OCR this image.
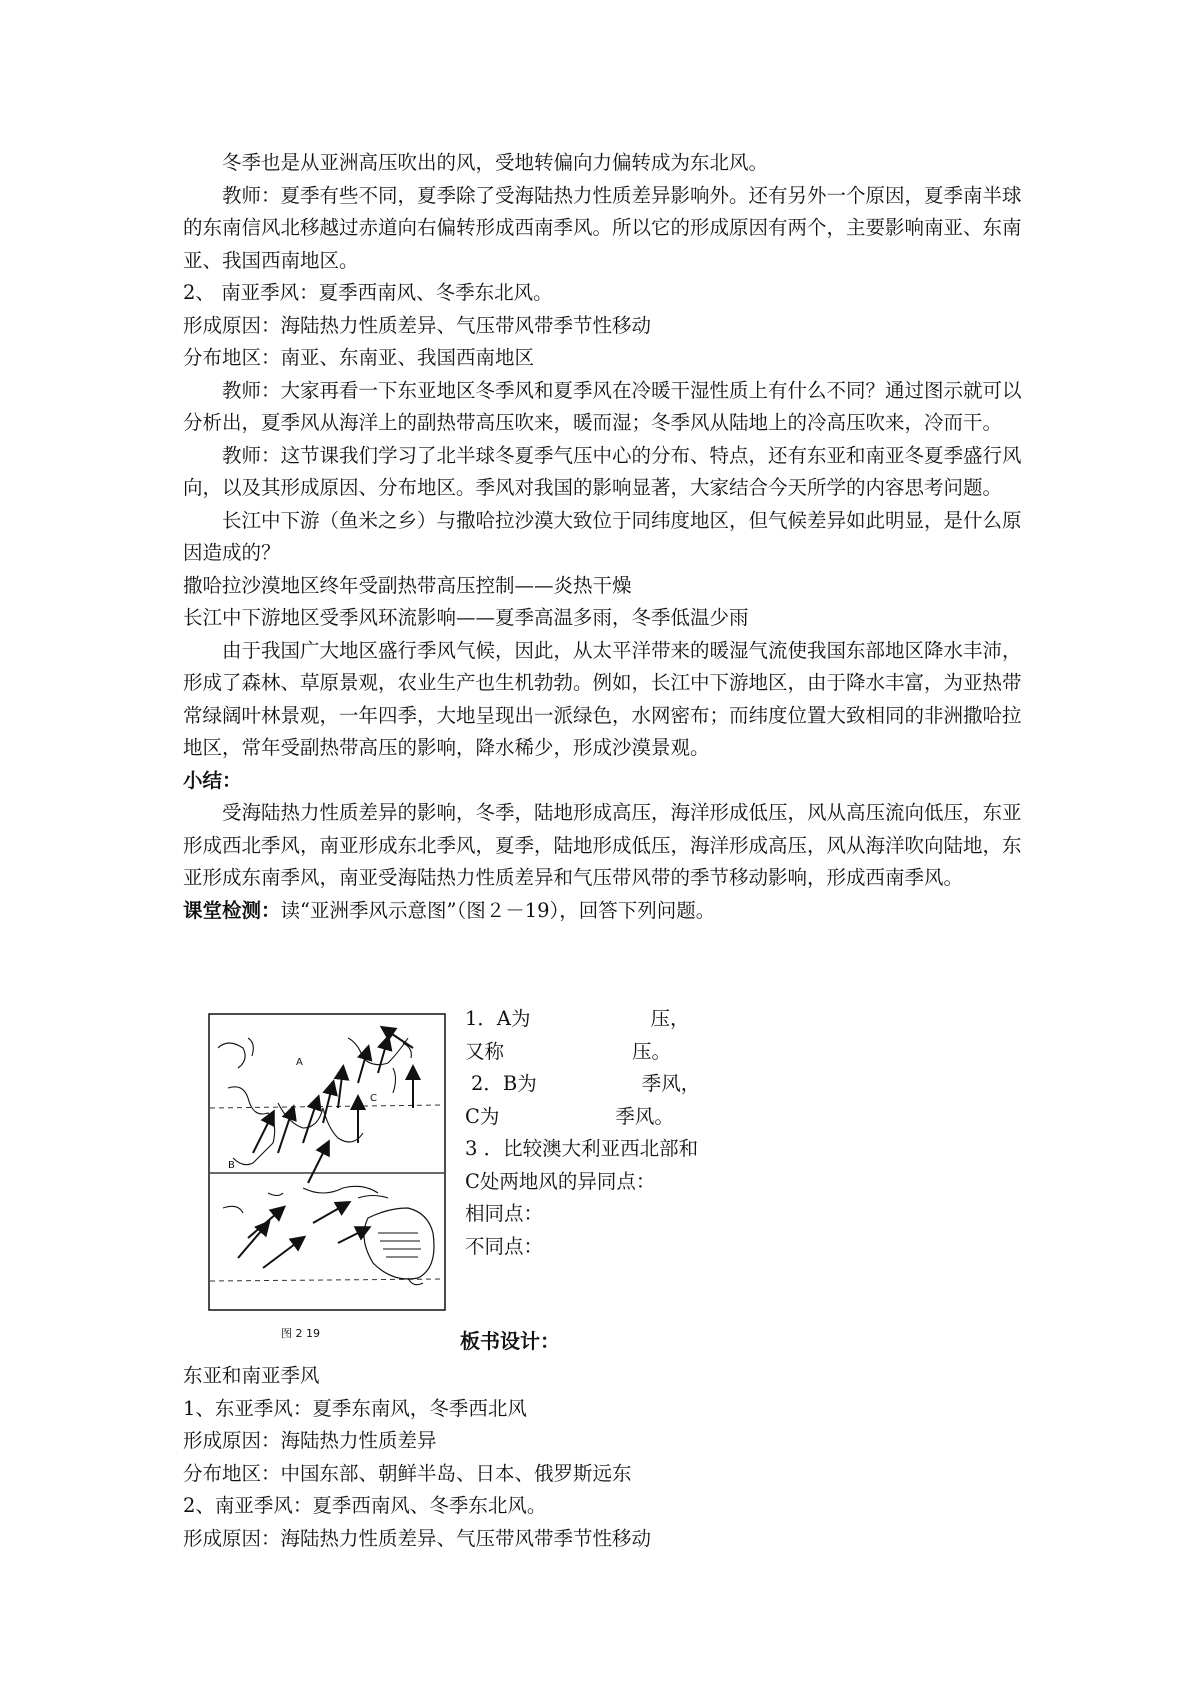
冬季也是从亚洲高压吹出的风，受地转偏向力偏转成为东北风。

教师：夏季有些不同，夏季除了受海陆热力性质差异影响外。还有另外一个原因，夏季南半球的东南信风北移越过赤道向右偏转形成西南季风。所以它的形成原因有两个，主要影响南亚、东南亚、我国西南地区。

2、 南亚季风：夏季西南风、冬季东北风。

形成原因：海陆热力性质差异、气压带风带季节性移动

分布地区：南亚、东南亚、我国西南地区

教师：大家再看一下东亚地区冬季风和夏季风在冷暖干湿性质上有什么不同？通过图示就可以分析出，夏季风从海洋上的副热带高压吹来，暖而湿；冬季风从陆地上的冷高压吹来，冷而干。

教师：这节课我们学习了北半球冬夏季气压中心的分布、特点，还有东亚和南亚冬夏季盛行风向，以及其形成原因、分布地区。季风对我国的影响显著，大家结合今天所学的内容思考问题。

长江中下游（鱼米之乡）与撒哈拉沙漠大致位于同纬度地区，但气候差异如此明显，是什么原因造成的？

撒哈拉沙漠地区终年受副热带高压控制——炎热干燥

长江中下游地区受季风环流影响——夏季高温多雨，冬季低温少雨

由于我国广大地区盛行季风气候，因此，从太平洋带来的暖湿气流使我国东部地区降水丰沛，形成了森林、草原景观，农业生产也生机勃勃。例如，长江中下游地区，由于降水丰富，为亚热带常绿阔叶林景观，一年四季，大地呈现出一派绿色，水网密布；而纬度位置大致相同的非洲撒哈拉地区，常年受副热带高压的影响，降水稀少，形成沙漠景观。

小结：

受海陆热力性质差异的影响，冬季，陆地形成高压，海洋形成低压，风从高压流向低压，东亚形成西北季风，南亚形成东北季风，夏季，陆地形成低压，海洋形成高压，风从海洋吹向陆地，东亚形成东南季风，南亚受海陆热力性质差异和气压带风带的季节移动影响，形成西南季风。

课堂检测：读“亚洲季风示意图”（图２－19），回答下列问题。

A
B
C
图 2 19

1．A为	压，

又称	压。

2．B为	季风，

C为	季风。

3 ．比较澳大利亚西北部和

C处两地风的异同点：

相同点：

不同点：

板书设计：

东亚和南亚季风

1、东亚季风：夏季东南风，冬季西北风

形成原因：海陆热力性质差异

分布地区：中国东部、朝鲜半岛、日本、俄罗斯远东

2、南亚季风：夏季西南风、冬季东北风。

形成原因：海陆热力性质差异、气压带风带季节性移动
